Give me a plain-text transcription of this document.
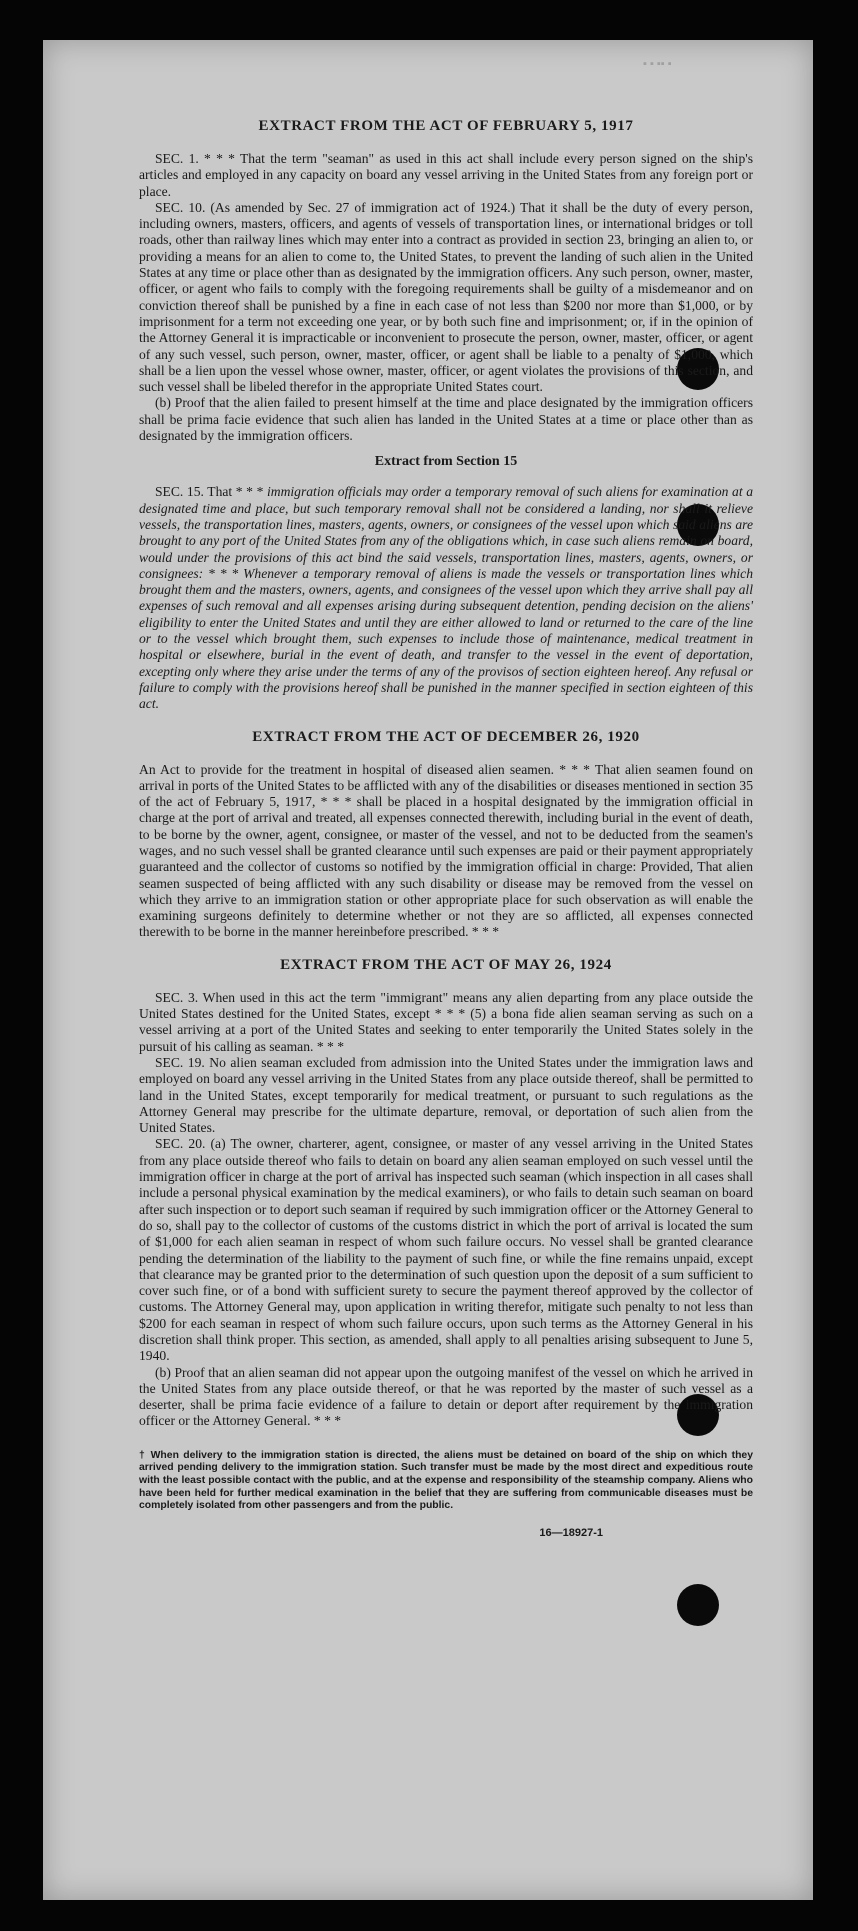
▪ ▪ ▪▪ ▪
EXTRACT FROM THE ACT OF FEBRUARY 5, 1917

SEC. 1. * * * That the term "seaman" as used in this act shall include every person signed on the ship's articles and employed in any capacity on board any vessel arriving in the United States from any foreign port or place.

SEC. 10. (As amended by Sec. 27 of immigration act of 1924.) That it shall be the duty of every person, including owners, masters, officers, and agents of vessels of transportation lines, or international bridges or toll roads, other than railway lines which may enter into a contract as provided in section 23, bringing an alien to, or providing a means for an alien to come to, the United States, to prevent the landing of such alien in the United States at any time or place other than as designated by the immigration officers. Any such person, owner, master, officer, or agent who fails to comply with the foregoing requirements shall be guilty of a misdemeanor and on conviction thereof shall be punished by a fine in each case of not less than $200 nor more than $1,000, or by imprisonment for a term not exceeding one year, or by both such fine and imprisonment; or, if in the opinion of the Attorney General it is impracticable or inconvenient to prosecute the person, owner, master, officer, or agent of any such vessel, such person, owner, master, officer, or agent shall be liable to a penalty of $1,000, which shall be a lien upon the vessel whose owner, master, officer, or agent violates the provisions of this section, and such vessel shall be libeled therefor in the appropriate United States court.

(b) Proof that the alien failed to present himself at the time and place designated by the immigration officers shall be prima facie evidence that such alien has landed in the United States at a time or place other than as designated by the immigration officers.

Extract from Section 15

SEC. 15. That * * * immigration officials may order a temporary removal of such aliens for examination at a designated time and place, but such temporary removal shall not be considered a landing, nor shall it relieve vessels, the transportation lines, masters, agents, owners, or consignees of the vessel upon which said aliens are brought to any port of the United States from any of the obligations which, in case such aliens remain on board, would under the provisions of this act bind the said vessels, transportation lines, masters, agents, owners, or consignees: * * * Whenever a temporary removal of aliens is made the vessels or transportation lines which brought them and the masters, owners, agents, and consignees of the vessel upon which they arrive shall pay all expenses of such removal and all expenses arising during subsequent detention, pending decision on the aliens' eligibility to enter the United States and until they are either allowed to land or returned to the care of the line or to the vessel which brought them, such expenses to include those of maintenance, medical treatment in hospital or elsewhere, burial in the event of death, and transfer to the vessel in the event of deportation, excepting only where they arise under the terms of any of the provisos of section eighteen hereof. Any refusal or failure to comply with the provisions hereof shall be punished in the manner specified in section eighteen of this act.

EXTRACT FROM THE ACT OF DECEMBER 26, 1920

An Act to provide for the treatment in hospital of diseased alien seamen. * * * That alien seamen found on arrival in ports of the United States to be afflicted with any of the disabilities or diseases mentioned in section 35 of the act of February 5, 1917, * * * shall be placed in a hospital designated by the immigration official in charge at the port of arrival and treated, all expenses connected therewith, including burial in the event of death, to be borne by the owner, agent, consignee, or master of the vessel, and not to be deducted from the seamen's wages, and no such vessel shall be granted clearance until such expenses are paid or their payment appropriately guaranteed and the collector of customs so notified by the immigration official in charge: Provided, That alien seamen suspected of being afflicted with any such disability or disease may be removed from the vessel on which they arrive to an immigration station or other appropriate place for such observation as will enable the examining surgeons definitely to determine whether or not they are so afflicted, all expenses connected therewith to be borne in the manner hereinbefore prescribed. * * *

EXTRACT FROM THE ACT OF MAY 26, 1924

SEC. 3. When used in this act the term "immigrant" means any alien departing from any place outside the United States destined for the United States, except * * * (5) a bona fide alien seaman serving as such on a vessel arriving at a port of the United States and seeking to enter temporarily the United States solely in the pursuit of his calling as seaman. * * *

SEC. 19. No alien seaman excluded from admission into the United States under the immigration laws and employed on board any vessel arriving in the United States from any place outside thereof, shall be permitted to land in the United States, except temporarily for medical treatment, or pursuant to such regulations as the Attorney General may prescribe for the ultimate departure, removal, or deportation of such alien from the United States.

SEC. 20. (a) The owner, charterer, agent, consignee, or master of any vessel arriving in the United States from any place outside thereof who fails to detain on board any alien seaman employed on such vessel until the immigration officer in charge at the port of arrival has inspected such seaman (which inspection in all cases shall include a personal physical examination by the medical examiners), or who fails to detain such seaman on board after such inspection or to deport such seaman if required by such immigration officer or the Attorney General to do so, shall pay to the collector of customs of the customs district in which the port of arrival is located the sum of $1,000 for each alien seaman in respect of whom such failure occurs. No vessel shall be granted clearance pending the determination of the liability to the payment of such fine, or while the fine remains unpaid, except that clearance may be granted prior to the determination of such question upon the deposit of a sum sufficient to cover such fine, or of a bond with sufficient surety to secure the payment thereof approved by the collector of customs. The Attorney General may, upon application in writing therefor, mitigate such penalty to not less than $200 for each seaman in respect of whom such failure occurs, upon such terms as the Attorney General in his discretion shall think proper. This section, as amended, shall apply to all penalties arising subsequent to June 5, 1940.

(b) Proof that an alien seaman did not appear upon the outgoing manifest of the vessel on which he arrived in the United States from any place outside thereof, or that he was reported by the master of such vessel as a deserter, shall be prima facie evidence of a failure to detain or deport after requirement by the immigration officer or the Attorney General. * * *

† When delivery to the immigration station is directed, the aliens must be detained on board of the ship on which they arrived pending delivery to the immigration station. Such transfer must be made by the most direct and expeditious route with the least possible contact with the public, and at the expense and responsibility of the steamship company. Aliens who have been held for further medical examination in the belief that they are suffering from communicable diseases must be completely isolated from other passengers and from the public.
16—18927-1
